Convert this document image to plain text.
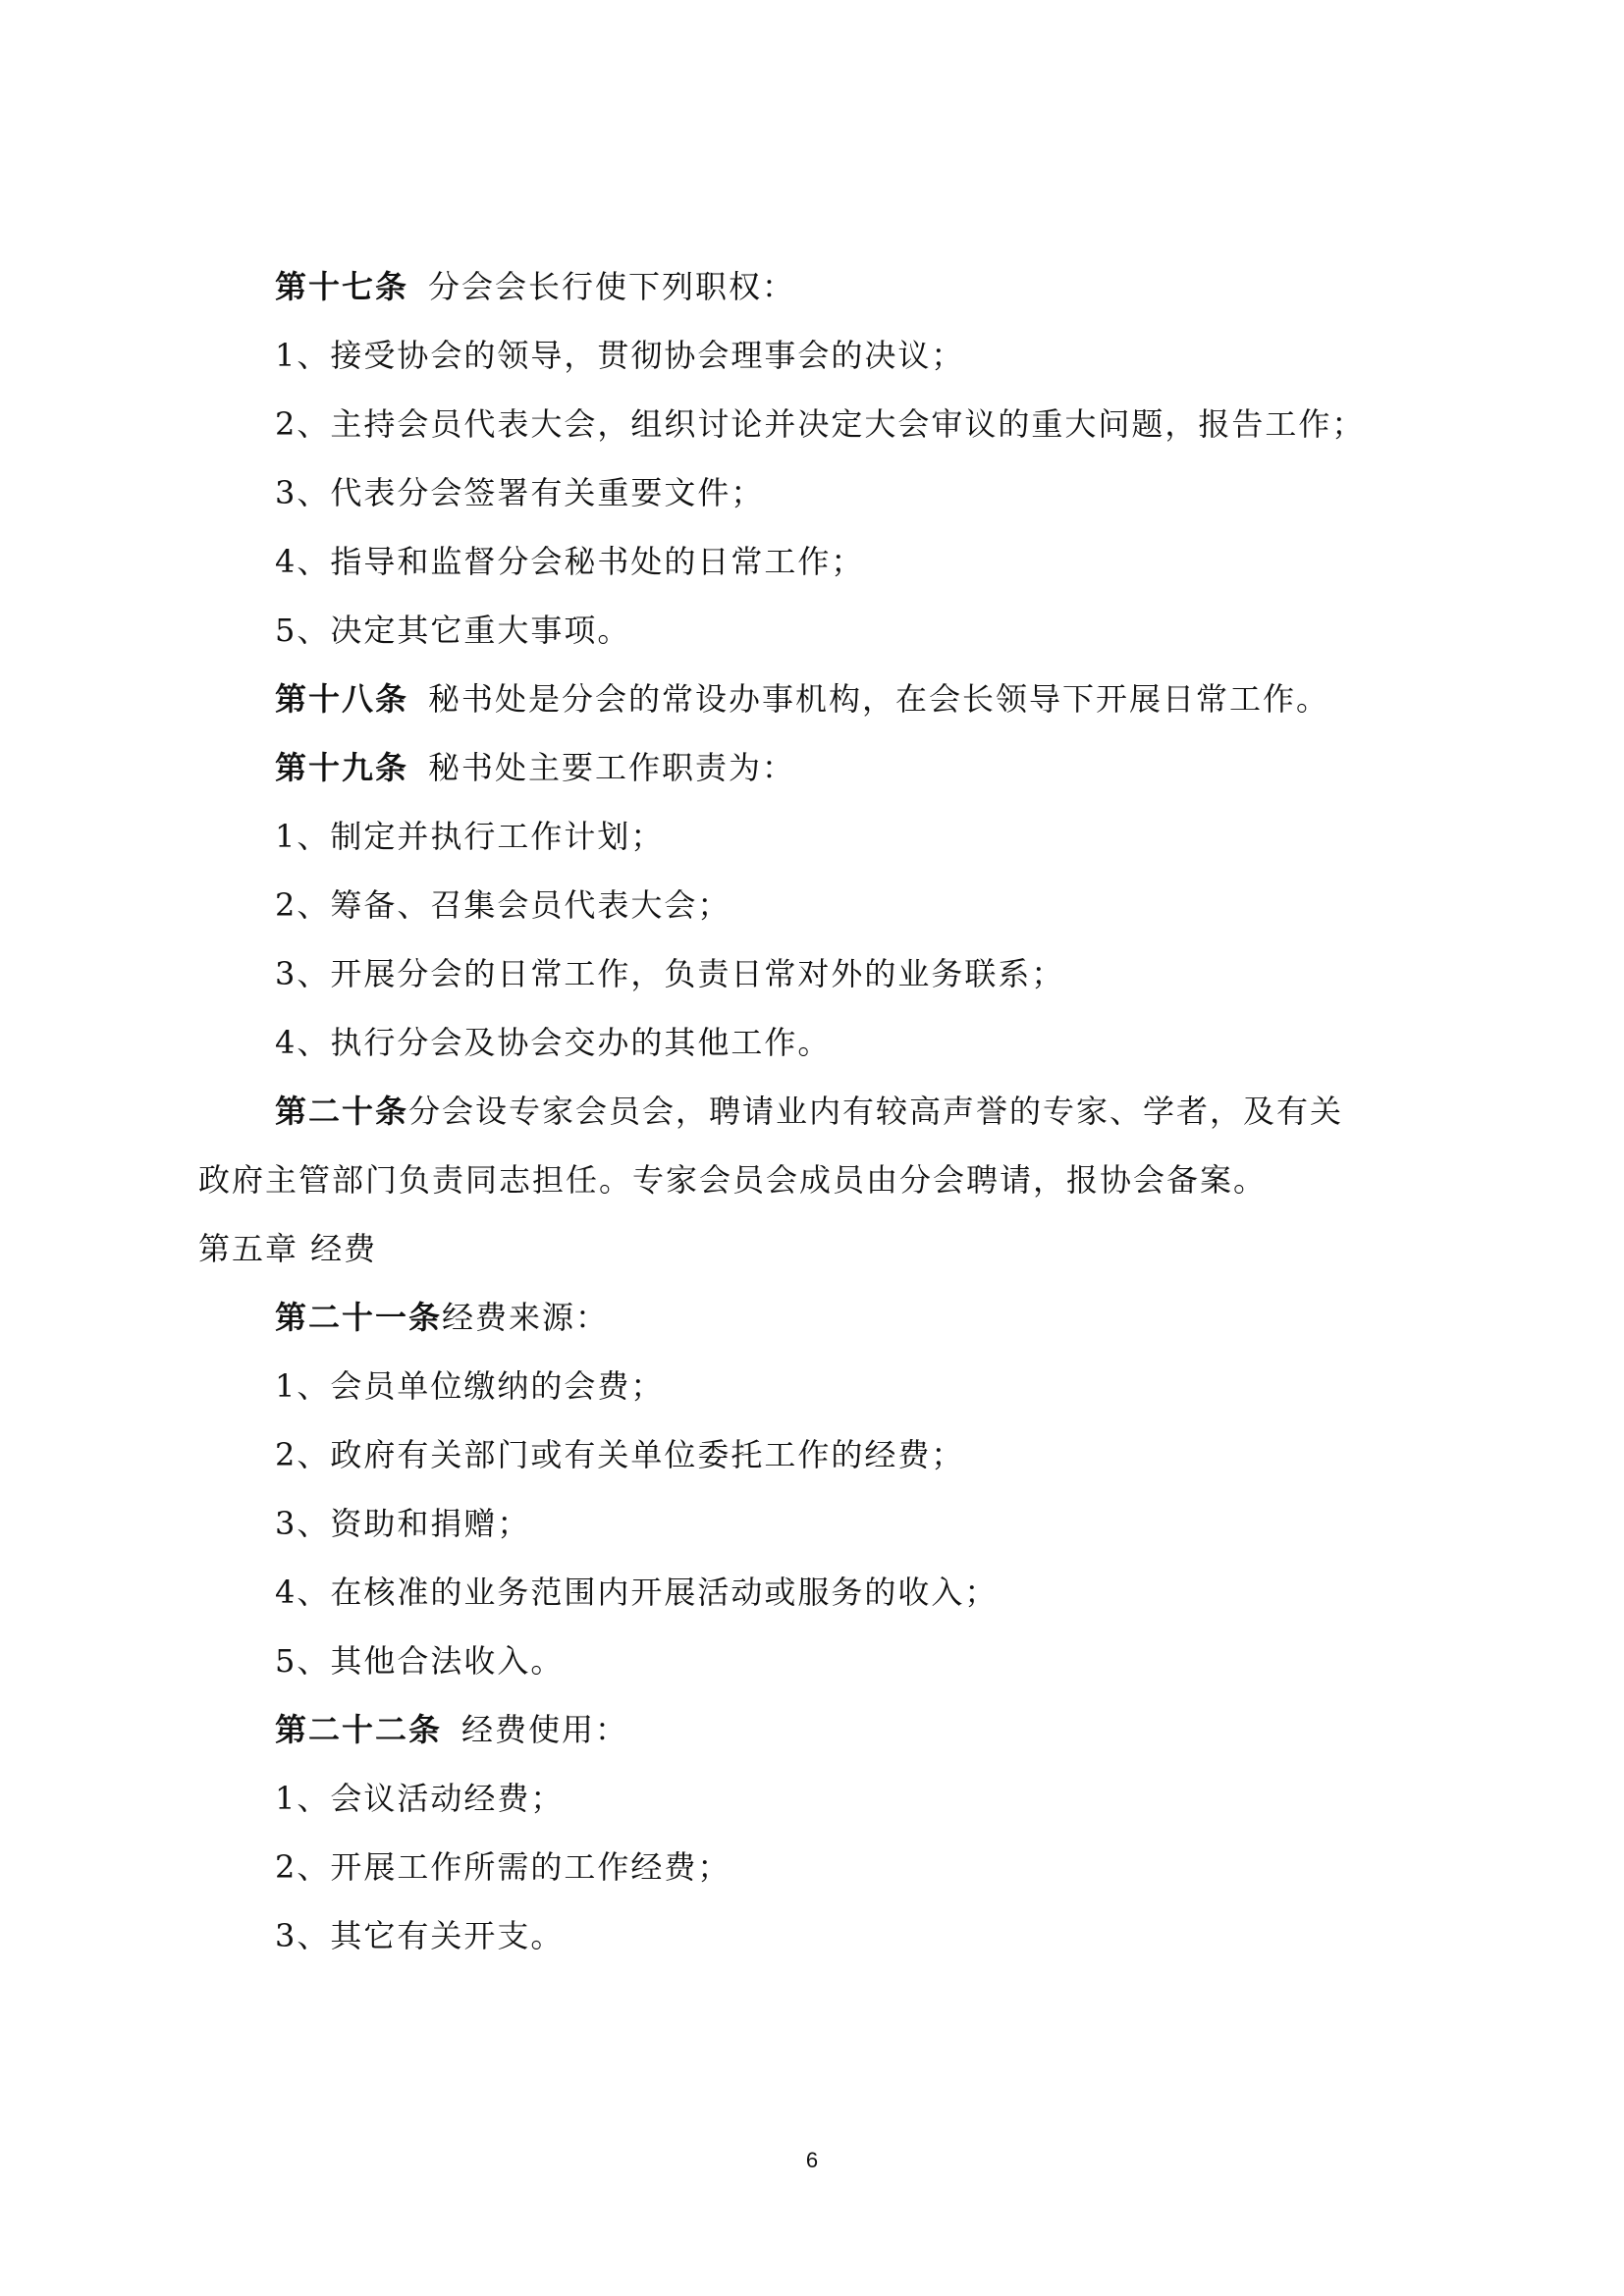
第十七条 分会会长行使下列职权：
1、接受协会的领导，贯彻协会理事会的决议；
2、主持会员代表大会，组织讨论并决定大会审议的重大问题，报告工作；
3、代表分会签署有关重要文件；
4、指导和监督分会秘书处的日常工作；
5、决定其它重大事项。
第十八条 秘书处是分会的常设办事机构，在会长领导下开展日常工作。
第十九条 秘书处主要工作职责为：
1、制定并执行工作计划；
2、筹备、召集会员代表大会；
3、开展分会的日常工作，负责日常对外的业务联系；
4、执行分会及协会交办的其他工作。
第二十条分会设专家会员会，聘请业内有较高声誉的专家、学者，及有关
政府主管部门负责同志担任。专家会员会成员由分会聘请，报协会备案。
第五章 经费
第二十一条经费来源：
1、会员单位缴纳的会费；
2、政府有关部门或有关单位委托工作的经费；
3、资助和捐赠；
4、在核准的业务范围内开展活动或服务的收入；
5、其他合法收入。
第二十二条 经费使用：
1、会议活动经费；
2、开展工作所需的工作经费；
3、其它有关开支。
6
